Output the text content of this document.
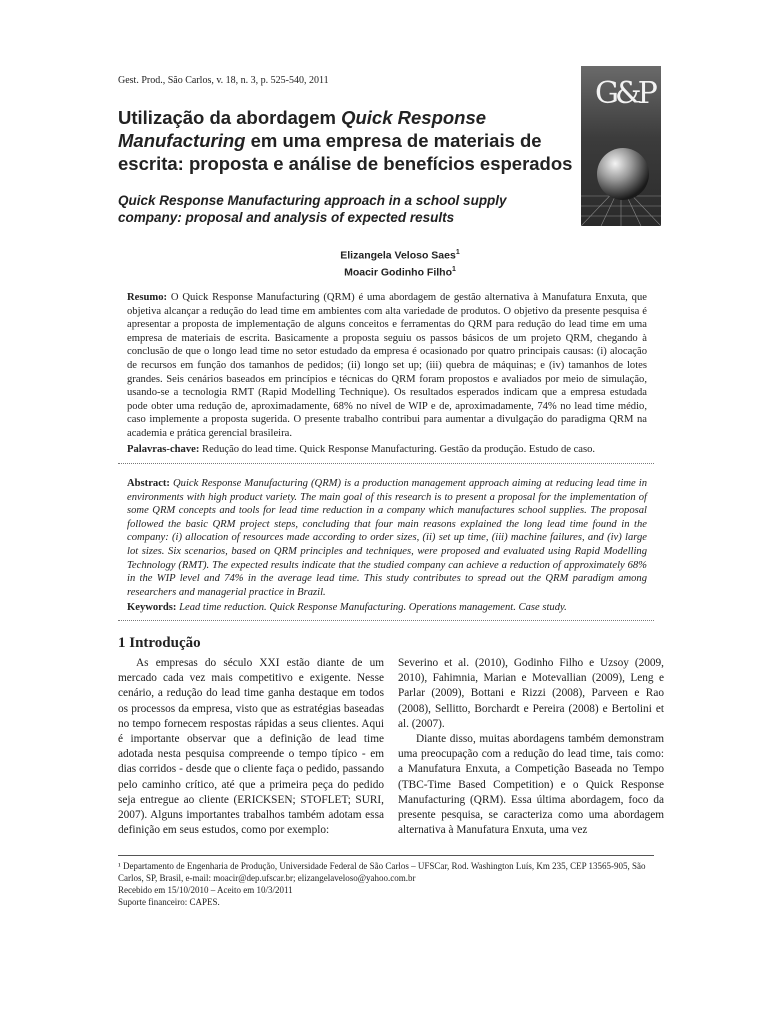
Gest. Prod., São Carlos, v. 18, n. 3, p. 525-540, 2011
Utilização da abordagem Quick Response Manufacturing em uma empresa de materiais de escrita: proposta e análise de benefícios esperados
Quick Response Manufacturing approach in a school supply company: proposal and analysis of expected results
G&P
Elizangela Veloso Saes$^1$
Moacir Godinho Filho$^1$

Resumo: O Quick Response Manufacturing (QRM) é uma abordagem de gestão alternativa à Manufatura Enxuta, que objetiva alcançar a redução do lead time em ambientes com alta variedade de produtos. O objetivo da presente pesquisa é apresentar a proposta de implementação de alguns conceitos e ferramentas do QRM para redução do lead time em uma empresa de materiais de escrita. Basicamente a proposta seguiu os passos básicos de um projeto QRM, chegando à conclusão de que o longo lead time no setor estudado da empresa é ocasionado por quatro principais causas: (i) alocação de recursos em função dos tamanhos de pedidos; (ii) longo set up; (iii) quebra de máquinas; e (iv) tamanhos de lotes grandes. Seis cenários baseados em princípios e técnicas do QRM foram propostos e avaliados por meio de simulação, usando-se a tecnologia RMT (Rapid Modelling Technique). Os resultados esperados indicam que a empresa estudada pode obter uma redução de, aproximadamente, 68% no nível de WIP e de, aproximadamente, 74% no lead time médio, caso implemente a proposta sugerida. O presente trabalho contribui para aumentar a divulgação do paradigma QRM na academia e prática gerencial brasileira.

Palavras-chave: Redução do lead time. Quick Response Manufacturing. Gestão da produção. Estudo de caso.

Abstract: Quick Response Manufacturing (QRM) is a production management approach aiming at reducing lead time in environments with high product variety. The main goal of this research is to present a proposal for the implementation of some QRM concepts and tools for lead time reduction in a company which manufactures school supplies. The proposal followed the basic QRM project steps, concluding that four main reasons explained the long lead time found in the company: (i) allocation of resources made according to order sizes, (ii) set up time, (iii) machine failures, and (iv) large lot sizes. Six scenarios, based on QRM principles and techniques, were proposed and evaluated using Rapid Modelling Technology (RMT). The expected results indicate that the studied company can achieve a reduction of approximately 68% in the WIP level and 74% in the average lead time. This study contributes to spread out the QRM paradigm among researchers and managerial practice in Brazil.

Keywords: Lead time reduction. Quick Response Manufacturing. Operations management. Case study.

1 Introdução

As empresas do século XXI estão diante de um mercado cada vez mais competitivo e exigente. Nesse cenário, a redução do lead time ganha destaque em todos os processos da empresa, visto que as estratégias baseadas no tempo fornecem respostas rápidas a seus clientes. Aqui é importante observar que a definição de lead time adotada nesta pesquisa compreende o tempo típico - em dias corridos - desde que o cliente faça o pedido, passando pelo caminho crítico, até que a primeira peça do pedido seja entregue ao cliente (ERICKSEN; STOFLET; SURI, 2007). Alguns importantes trabalhos também adotam essa definição em seus estudos, como por exemplo:

Severino et al. (2010), Godinho Filho e Uzsoy (2009, 2010), Fahimnia, Marian e Motevallian (2009), Leng e Parlar (2009), Bottani e Rizzi (2008), Parveen e Rao (2008), Sellitto, Borchardt e Pereira (2008) e Bertolini et al. (2007).

Diante disso, muitas abordagens também demonstram uma preocupação com a redução do lead time, tais como: a Manufatura Enxuta, a Competição Baseada no Tempo (TBC-Time Based Competition) e o Quick Response Manufacturing (QRM). Essa última abordagem, foco da presente pesquisa, se caracteriza como uma abordagem alternativa à Manufatura Enxuta, uma vez

¹ Departamento de Engenharia de Produção, Universidade Federal de São Carlos – UFSCar, Rod. Washington Luís, Km 235, CEP 13565-905, São Carlos, SP, Brasil, e-mail: moacir@dep.ufscar.br; elizangelaveloso@yahoo.com.br

Recebido em 15/10/2010 – Aceito em 10/3/2011

Suporte financeiro: CAPES.
